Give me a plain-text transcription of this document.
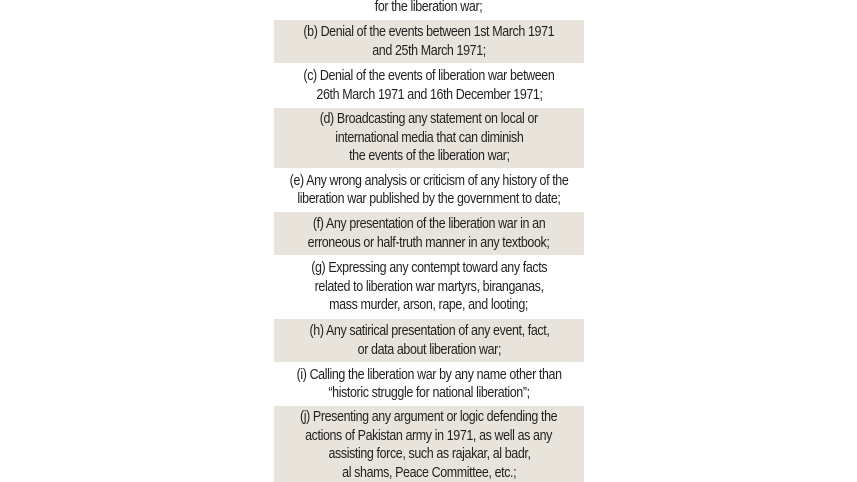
for the liberation war;
(b) Denial of the events between 1st March 1971
and 25th March 1971;
(c) Denial of the events of liberation war between
26th March 1971 and 16th December 1971;
(d) Broadcasting any statement on local or
international media that can diminish
the events of the liberation war;
(e) Any wrong analysis or criticism of any history of the
liberation war published by the government to date;
(f) Any presentation of the liberation war in an
erroneous or half-truth manner in any textbook;
(g) Expressing any contempt toward any facts
related to liberation war martyrs, biranganas,
mass murder, arson, rape, and looting;
(h) Any satirical presentation of any event, fact,
or data about liberation war;
(i) Calling the liberation war by any name other than
“historic struggle for national liberation”;
(j) Presenting any argument or logic defending the
actions of Pakistan army in 1971, as well as any
assisting force, such as rajakar, al badr,
al shams, Peace Committee, etc.;
